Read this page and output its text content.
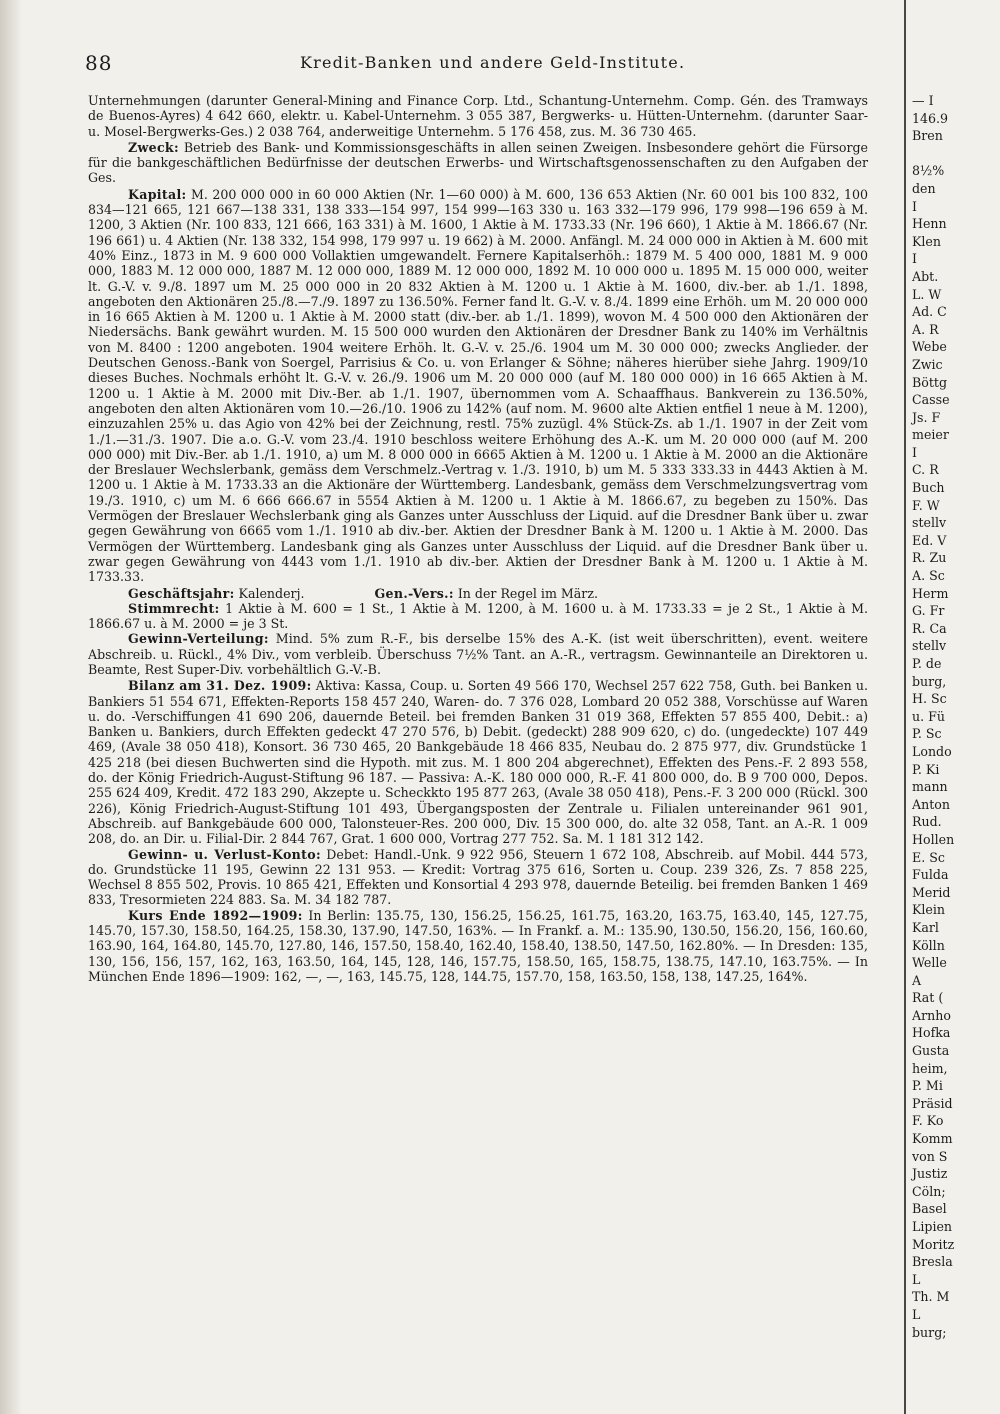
88	Kredit-Banken und andere Geld-Institute.

Unternehmungen (darunter General-Mining and Finance Corp. Ltd., Schantung-Unternehm. Comp. Gén. des Tramways de Buenos-Ayres) 4 642 660, elektr. u. Kabel-Unternehm. 3 055 387, Bergwerks- u. Hütten-Unternehm. (darunter Saar- u. Mosel-Bergwerks-Ges.) 2 038 764, anderweitige Unternehm. 5 176 458, zus. M. 36 730 465.

Zweck: Betrieb des Bank- und Kommissionsgeschäfts in allen seinen Zweigen. Insbesondere gehört die Fürsorge für die bankgeschäftlichen Bedürfnisse der deutschen Erwerbs- und Wirtschaftsgenossenschaften zu den Aufgaben der Ges.

Kapital: M. 200 000 000 in 60 000 Aktien (Nr. 1—60 000) à M. 600, 136 653 Aktien (Nr. 60 001 bis 100 832, 100 834—121 665, 121 667—138 331, 138 333—154 997, 154 999—163 330 u. 163 332—179 996, 179 998—196 659 à M. 1200, 3 Aktien (Nr. 100 833, 121 666, 163 331) à M. 1600, 1 Aktie à M. 1733.33 (Nr. 196 660), 1 Aktie à M. 1866.67 (Nr. 196 661) u. 4 Aktien (Nr. 138 332, 154 998, 179 997 u. 19 662) à M. 2000. Anfängl. M. 24 000 000 in Aktien à M. 600 mit 40% Einz., 1873 in M. 9 600 000 Vollaktien umgewandelt. Fernere Kapitalserhöh.: 1879 M. 5 400 000, 1881 M. 9 000 000, 1883 M. 12 000 000, 1887 M. 12 000 000, 1889 M. 12 000 000, 1892 M. 10 000 000 u. 1895 M. 15 000 000, weiter lt. G.-V. v. 9./8. 1897 um M. 25 000 000 in 20 832 Aktien à M. 1200 u. 1 Aktie à M. 1600, div.-ber. ab 1./1. 1898, angeboten den Aktionären 25./8.—7./9. 1897 zu 136.50%. Ferner fand lt. G.-V. v. 8./4. 1899 eine Erhöh. um M. 20 000 000 in 16 665 Aktien à M. 1200 u. 1 Aktie à M. 2000 statt (div.-ber. ab 1./1. 1899), wovon M. 4 500 000 den Aktionären der Niedersächs. Bank gewährt wurden. M. 15 500 000 wurden den Aktionären der Dresdner Bank zu 140% im Verhältnis von M. 8400 : 1200 angeboten. 1904 weitere Erhöh. lt. G.-V. v. 25./6. 1904 um M. 30 000 000; zwecks Anglieder. der Deutschen Genoss.-Bank von Soergel, Parrisius & Co. u. von Erlanger & Söhne; näheres hierüber siehe Jahrg. 1909/10 dieses Buches. Nochmals erhöht lt. G.-V. v. 26./9. 1906 um M. 20 000 000 (auf M. 180 000 000) in 16 665 Aktien à M. 1200 u. 1 Aktie à M. 2000 mit Div.-Ber. ab 1./1. 1907, übernommen vom A. Schaaffhaus. Bankverein zu 136.50%, angeboten den alten Aktionären vom 10.—26./10. 1906 zu 142% (auf nom. M. 9600 alte Aktien entfiel 1 neue à M. 1200), einzuzahlen 25% u. das Agio von 42% bei der Zeichnung, restl. 75% zuzügl. 4% Stück-Zs. ab 1./1. 1907 in der Zeit vom 1./1.—31./3. 1907. Die a.o. G.-V. vom 23./4. 1910 beschloss weitere Erhöhung des A.-K. um M. 20 000 000 (auf M. 200 000 000) mit Div.-Ber. ab 1./1. 1910, a) um M. 8 000 000 in 6665 Aktien à M. 1200 u. 1 Aktie à M. 2000 an die Aktionäre der Breslauer Wechslerbank, gemäss dem Verschmelz.-Vertrag v. 1./3. 1910, b) um M. 5 333 333.33 in 4443 Aktien à M. 1200 u. 1 Aktie à M. 1733.33 an die Aktionäre der Württemberg. Landesbank, gemäss dem Verschmelzungsvertrag vom 19./3. 1910, c) um M. 6 666 666.67 in 5554 Aktien à M. 1200 u. 1 Aktie à M. 1866.67, zu begeben zu 150%. Das Vermögen der Breslauer Wechslerbank ging als Ganzes unter Ausschluss der Liquid. auf die Dresdner Bank über u. zwar gegen Gewährung von 6665 vom 1./1. 1910 ab div.-ber. Aktien der Dresdner Bank à M. 1200 u. 1 Aktie à M. 2000. Das Vermögen der Württemberg. Landesbank ging als Ganzes unter Ausschluss der Liquid. auf die Dresdner Bank über u. zwar gegen Gewährung von 4443 vom 1./1. 1910 ab div.-ber. Aktien der Dresdner Bank à M. 1200 u. 1 Aktie à M. 1733.33.

Geschäftsjahr: Kalenderj.	Gen.-Vers.: In der Regel im März.

Stimmrecht: 1 Aktie à M. 600 = 1 St., 1 Aktie à M. 1200, à M. 1600 u. à M. 1733.33 = je 2 St., 1 Aktie à M. 1866.67 u. à M. 2000 = je 3 St.

Gewinn-Verteilung: Mind. 5% zum R.-F., bis derselbe 15% des A.-K. (ist weit überschritten), event. weitere Abschreib. u. Rückl., 4% Div., vom verbleib. Überschuss 7½% Tant. an A.-R., vertragsm. Gewinnanteile an Direktoren u. Beamte, Rest Super-Div. vorbehältlich G.-V.-B.

Bilanz am 31. Dez. 1909: Aktiva: Kassa, Coup. u. Sorten 49 566 170, Wechsel 257 622 758, Guth. bei Banken u. Bankiers 51 554 671, Effekten-Reports 158 457 240, Waren- do. 7 376 028, Lombard 20 052 388, Vorschüsse auf Waren u. do. -Verschiffungen 41 690 206, dauernde Beteil. bei fremden Banken 31 019 368, Effekten 57 855 400, Debit.: a) Banken u. Bankiers, durch Effekten gedeckt 47 270 576, b) Debit. (gedeckt) 288 909 620, c) do. (ungedeckte) 107 449 469, (Avale 38 050 418), Konsort. 36 730 465, 20 Bankgebäude 18 466 835, Neubau do. 2 875 977, div. Grundstücke 1 425 218 (bei diesen Buchwerten sind die Hypoth. mit zus. M. 1 800 204 abgerechnet), Effekten des Pens.-F. 2 893 558, do. der König Friedrich-August-Stiftung 96 187. — Passiva: A.-K. 180 000 000, R.-F. 41 800 000, do. B 9 700 000, Depos. 255 624 409, Kredit. 472 183 290, Akzepte u. Scheckkto 195 877 263, (Avale 38 050 418), Pens.-F. 3 200 000 (Rückl. 300 226), König Friedrich-August-Stiftung 101 493, Übergangsposten der Zentrale u. Filialen untereinander 961 901, Abschreib. auf Bankgebäude 600 000, Talonsteuer-Res. 200 000, Div. 15 300 000, do. alte 32 058, Tant. an A.-R. 1 009 208, do. an Dir. u. Filial-Dir. 2 844 767, Grat. 1 600 000, Vortrag 277 752. Sa. M. 1 181 312 142.

Gewinn- u. Verlust-Konto: Debet: Handl.-Unk. 9 922 956, Steuern 1 672 108, Abschreib. auf Mobil. 444 573, do. Grundstücke 11 195, Gewinn 22 131 953. — Kredit: Vortrag 375 616, Sorten u. Coup. 239 326, Zs. 7 858 225, Wechsel 8 855 502, Provis. 10 865 421, Effekten und Konsortial 4 293 978, dauernde Beteilig. bei fremden Banken 1 469 833, Tresormieten 224 883. Sa. M. 34 182 787.

Kurs Ende 1892—1909: In Berlin: 135.75, 130, 156.25, 156.25, 161.75, 163.20, 163.75, 163.40, 145, 127.75, 145.70, 157.30, 158.50, 164.25, 158.30, 137.90, 147.50, 163%. — In Frankf. a. M.: 135.90, 130.50, 156.20, 156, 160.60, 163.90, 164, 164.80, 145.70, 127.80, 146, 157.50, 158.40, 162.40, 158.40, 138.50, 147.50, 162.80%. — In Dresden: 135, 130, 156, 156, 157, 162, 163, 163.50, 164, 145, 128, 146, 157.75, 158.50, 165, 158.75, 138.75, 147.10, 163.75%. — In München Ende 1896—1909: 162, —, —, 163, 145.75, 128, 144.75, 157.70, 158, 163.50, 158, 138, 147.25, 164%.

— I
146.9
Bren

8½%
den
I
Henn
Klen
I
Abt.
L. W
Ad. C
A. R
Webe
Zwic
Böttg
Casse
Js. F
meier
I
C. R
Buch
F. W
stellv
Ed. V
R. Zu
A. Sc
Herm
G. Fr
R. Ca
stellv
P. de
burg,
H. Sc
u. Fü
P. Sc
Londo
P. Ki
mann
Anton
Rud.
Hollen
E. Sc
Fulda
Merid
Klein
Karl
Kölln
Welle
A
Rat (
Arnho
Hofka
Gusta
heim,
P. Mi
Präsid
F. Ko
Komm
von S
Justiz
Cöln;
Basel
Lipien
Moritz
Bresla
L
Th. M
L
burg;
